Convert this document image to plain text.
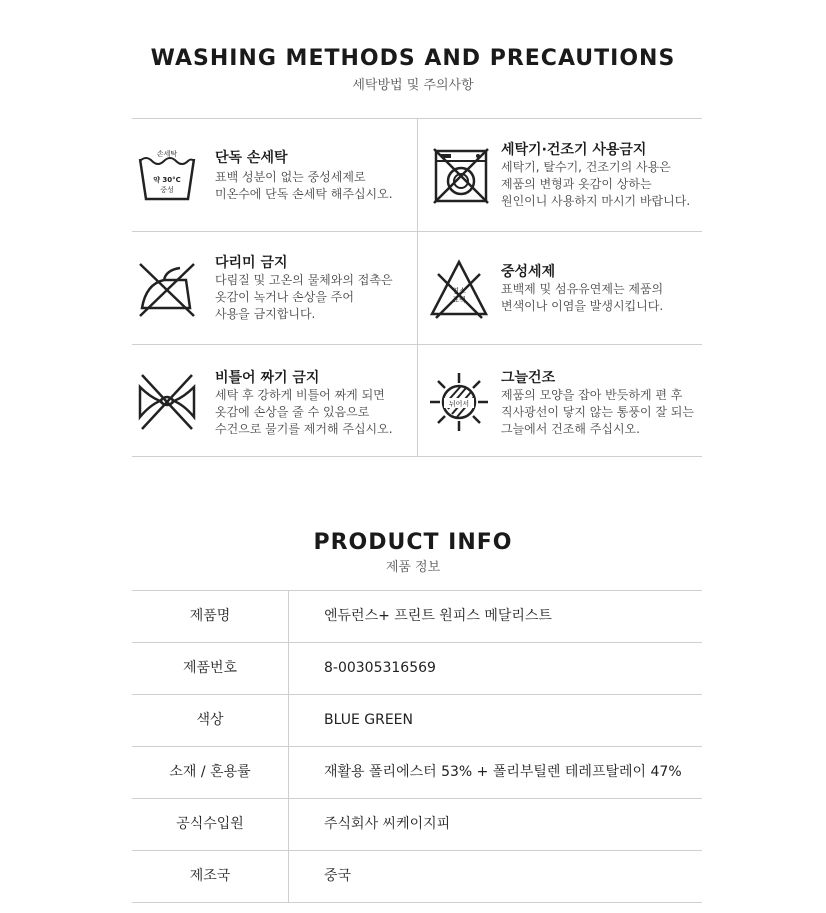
WASHING METHODS AND PRECAUTIONS
세탁방법 및 주의사항
손세탁
약 30°C
중성
단독 손세탁
표백 성분이 없는 중성세제로
미온수에 단독 손세탁 해주십시오.
세탁기·건조기 사용금지
세탁기, 탈수기, 건조기의 사용은
제품의 변형과 옷감이 상하는
원인이니 사용하지 마시기 바랍니다.
다리미 금지
다림질 및 고온의 물체와의 접촉은
옷감이 녹거나 손상을 주어
사용을 금지합니다.
염소
표백
중성세제
표백제 및 섬유유연제는 제품의
변색이나 이염을 발생시킵니다.
비틀어 짜기 금지
세탁 후 강하게 비틀어 짜게 되면
옷감에 손상을 줄 수 있음으로
수건으로 물기를 제거해 주십시오.
뉘어서
그늘건조
제품의 모양을 잡아 반듯하게 편 후
직사광선이 닿지 않는 통풍이 잘 되는
그늘에서 건조해 주십시오.
PRODUCT INFO
제품 정보
제품명	엔듀런스+ 프린트 원피스 메달리스트
제품번호	8-00305316569
색상	BLUE GREEN
소재 / 혼용률	재활용 폴리에스터 53% + 폴리부틸렌 테레프탈레이 47%
공식수입원	주식회사 씨케이지피
제조국	중국
